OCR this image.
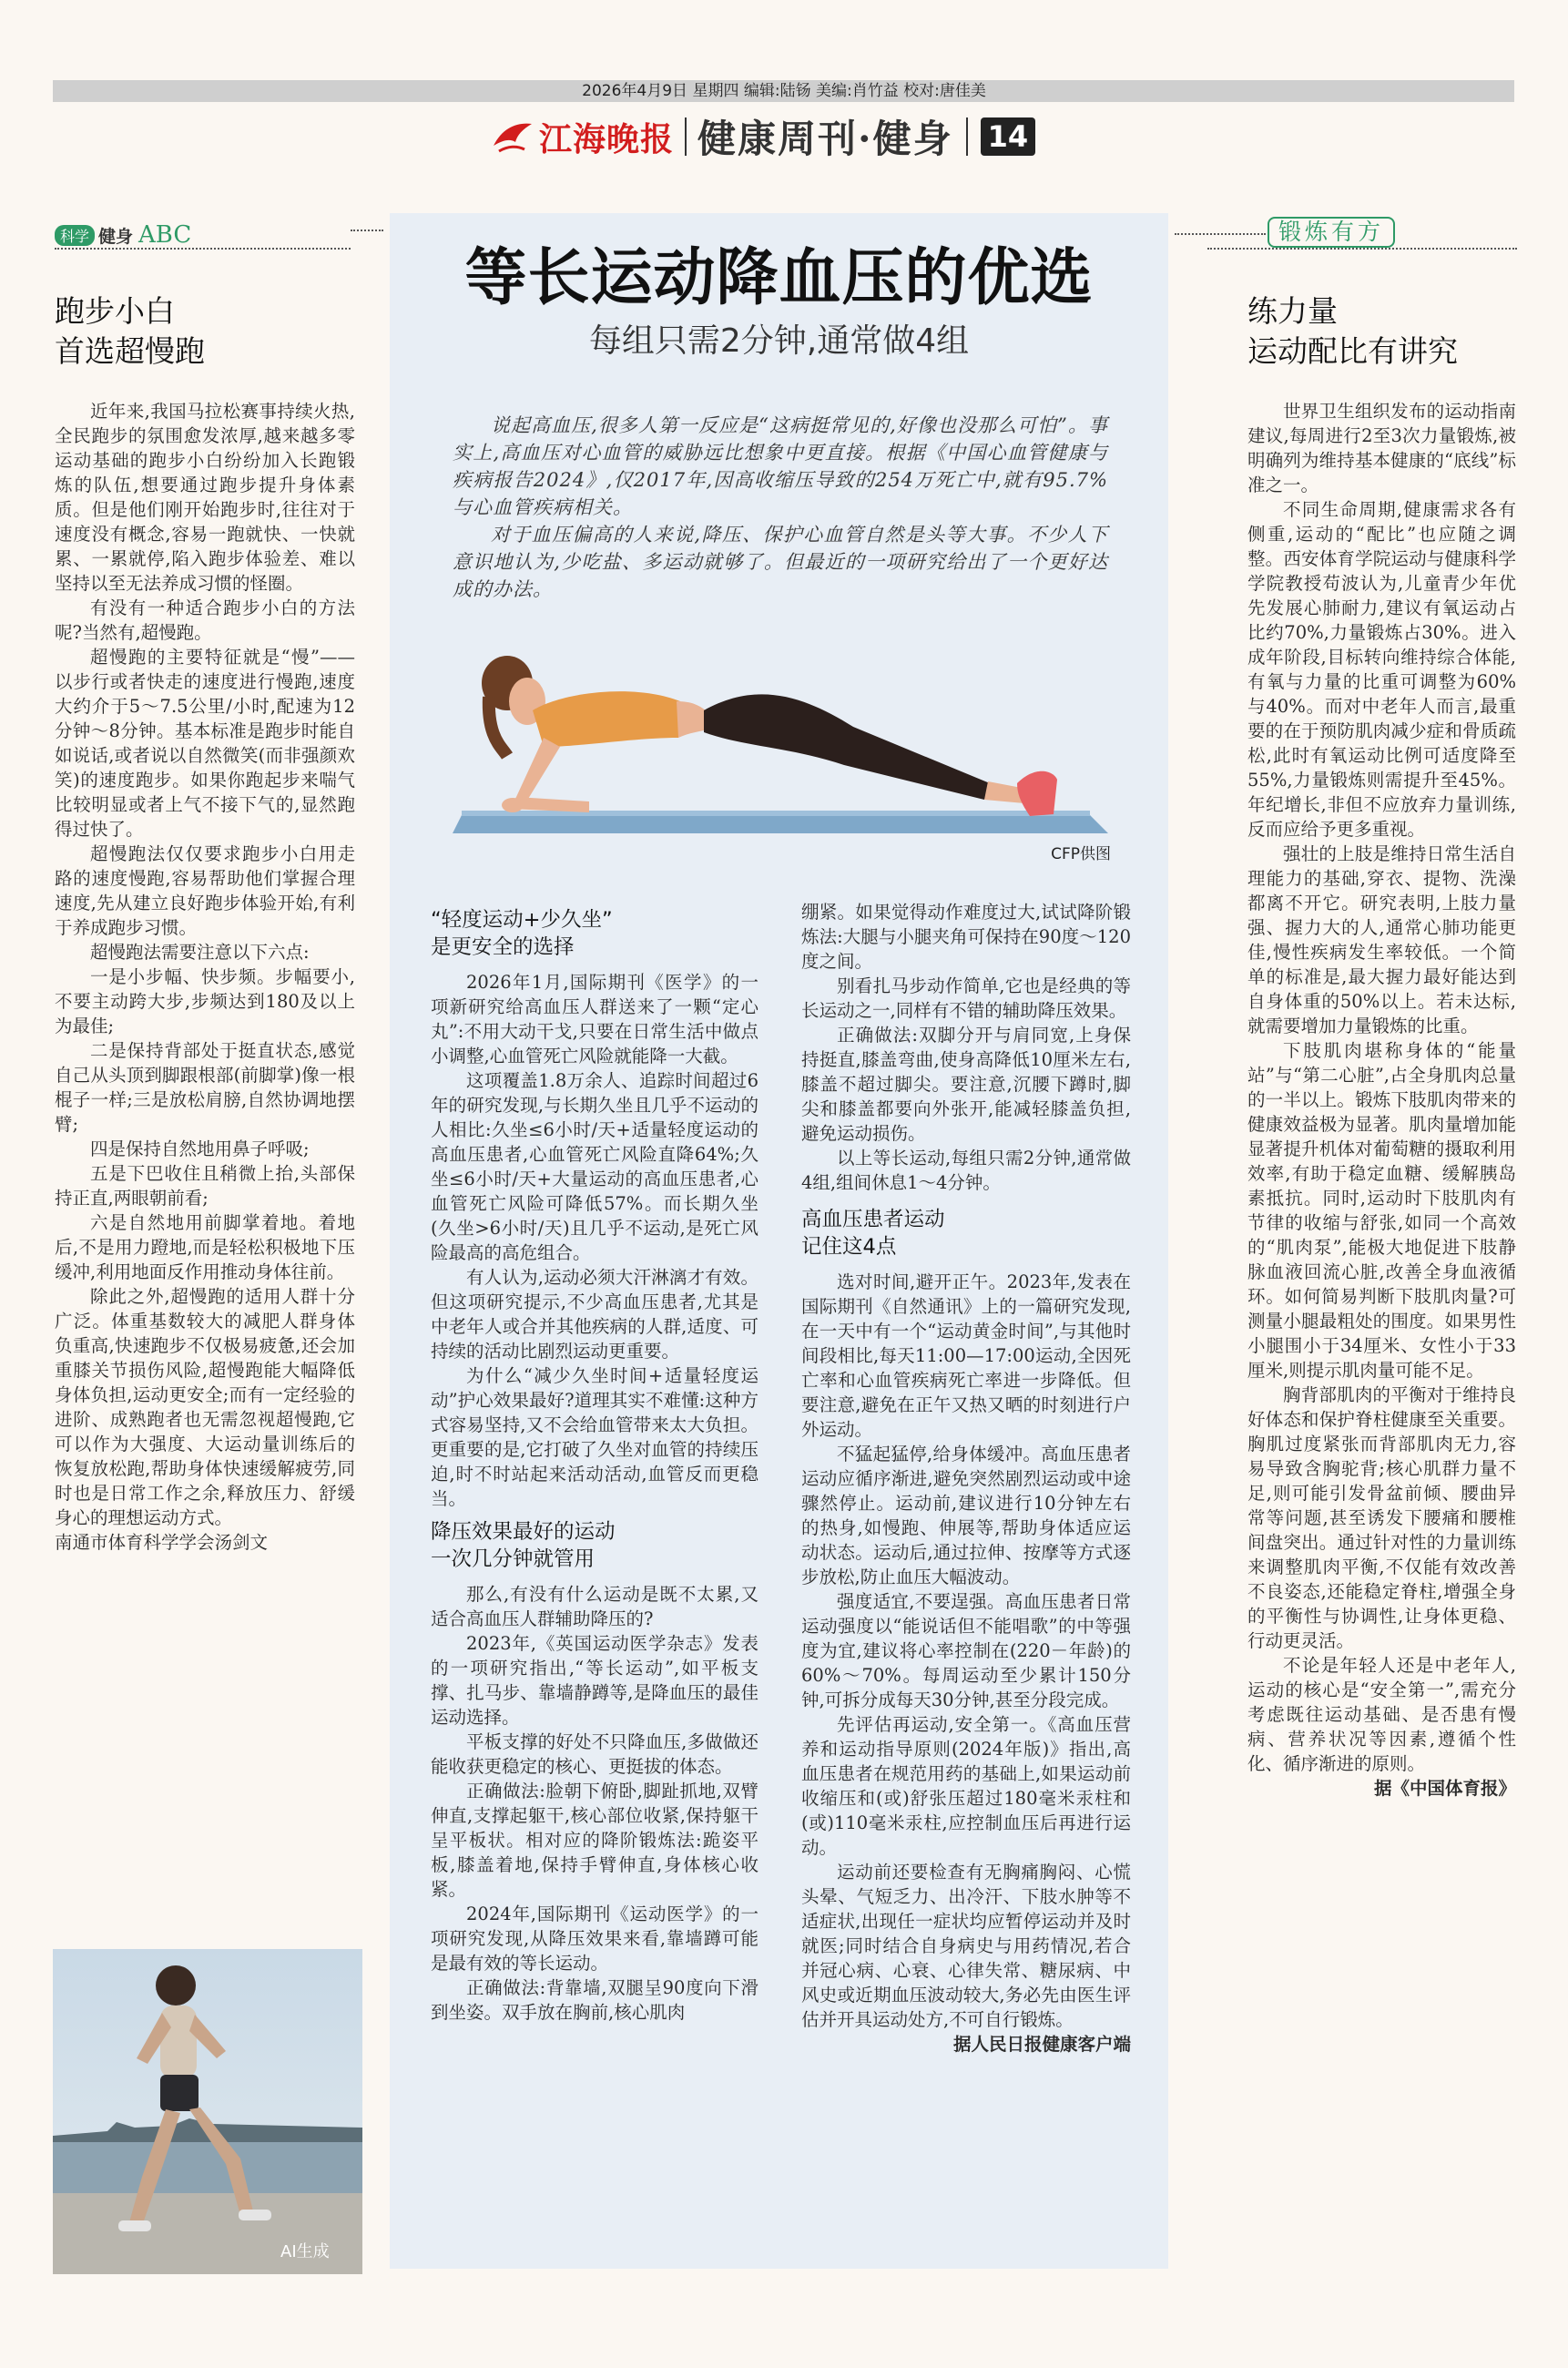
2026年4月9日 星期四 编辑:陆钖 美编:肖竹益 校对:唐佳美
江海晚报 健康周刊·健身 14
科学 健身 ABC
跑步小白
首选超慢跑

近年来,我国马拉松赛事持续火热,全民跑步的氛围愈发浓厚,越来越多零运动基础的跑步小白纷纷加入长跑锻炼的队伍,想要通过跑步提升身体素质。但是他们刚开始跑步时,往往对于速度没有概念,容易一跑就快、一快就累、一累就停,陷入跑步体验差、难以坚持以至无法养成习惯的怪圈。

有没有一种适合跑步小白的方法呢?当然有,超慢跑。

超慢跑的主要特征就是“慢”——以步行或者快走的速度进行慢跑,速度大约介于5～7.5公里/小时,配速为12分钟～8分钟。基本标准是跑步时能自如说话,或者说以自然微笑(而非强颜欢笑)的速度跑步。如果你跑起步来喘气比较明显或者上气不接下气的,显然跑得过快了。

超慢跑法仅仅要求跑步小白用走路的速度慢跑,容易帮助他们掌握合理速度,先从建立良好跑步体验开始,有利于养成跑步习惯。

超慢跑法需要注意以下六点:

一是小步幅、快步频。步幅要小,不要主动跨大步,步频达到180及以上为最佳;

二是保持背部处于挺直状态,感觉自己从头顶到脚跟根部(前脚掌)像一根棍子一样;三是放松肩膀,自然协调地摆臂;

四是保持自然地用鼻子呼吸;

五是下巴收住且稍微上抬,头部保持正直,两眼朝前看;

六是自然地用前脚掌着地。着地后,不是用力蹬地,而是轻松积极地下压缓冲,利用地面反作用推动身体往前。

除此之外,超慢跑的适用人群十分广泛。体重基数较大的减肥人群身体负重高,快速跑步不仅极易疲惫,还会加重膝关节损伤风险,超慢跑能大幅降低身体负担,运动更安全;而有一定经验的进阶、成熟跑者也无需忽视超慢跑,它可以作为大强度、大运动量训练后的恢复放松跑,帮助身体快速缓解疲劳,同时也是日常工作之余,释放压力、舒缓身心的理想运动方式。

南通市体育科学学会汤剑文

AI生成
等长运动降血压的优选
每组只需2分钟,通常做4组

说起高血压,很多人第一反应是“这病挺常见的,好像也没那么可怕”。事实上,高血压对心血管的威胁远比想象中更直接。根据《中国心血管健康与疾病报告2024》,仅2017年,因高收缩压导致的254万死亡中,就有95.7%与心血管疾病相关。

对于血压偏高的人来说,降压、保护心血管自然是头等大事。不少人下意识地认为,少吃盐、多运动就够了。但最近的一项研究给出了一个更好达成的办法。

CFP供图
“轻度运动+少久坐”
是更安全的选择

2026年1月,国际期刊《医学》的一项新研究给高血压人群送来了一颗“定心丸”:不用大动干戈,只要在日常生活中做点小调整,心血管死亡风险就能降一大截。

这项覆盖1.8万余人、追踪时间超过6年的研究发现,与长期久坐且几乎不运动的人相比:久坐≤6小时/天+适量轻度运动的高血压患者,心血管死亡风险直降64%;久坐≤6小时/天+大量运动的高血压患者,心血管死亡风险可降低57%。而长期久坐(久坐>6小时/天)且几乎不运动,是死亡风险最高的高危组合。

有人认为,运动必须大汗淋漓才有效。但这项研究提示,不少高血压患者,尤其是中老年人或合并其他疾病的人群,适度、可持续的活动比剧烈运动更重要。

为什么“减少久坐时间+适量轻度运动”护心效果最好?道理其实不难懂:这种方式容易坚持,又不会给血管带来太大负担。更重要的是,它打破了久坐对血管的持续压迫,时不时站起来活动活动,血管反而更稳当。

降压效果最好的运动
一次几分钟就管用

那么,有没有什么运动是既不太累,又适合高血压人群辅助降压的?

2023年,《英国运动医学杂志》发表的一项研究指出,“等长运动”,如平板支撑、扎马步、靠墙静蹲等,是降血压的最佳运动选择。

平板支撑的好处不只降血压,多做做还能收获更稳定的核心、更挺拔的体态。

正确做法:脸朝下俯卧,脚趾抓地,双臂伸直,支撑起躯干,核心部位收紧,保持躯干呈平板状。相对应的降阶锻炼法:跪姿平板,膝盖着地,保持手臂伸直,身体核心收紧。

2024年,国际期刊《运动医学》的一项研究发现,从降压效果来看,靠墙蹲可能是最有效的等长运动。

正确做法:背靠墙,双腿呈90度向下滑到坐姿。双手放在胸前,核心肌肉

绷紧。如果觉得动作难度过大,试试降阶锻炼法:大腿与小腿夹角可保持在90度～120度之间。

别看扎马步动作简单,它也是经典的等长运动之一,同样有不错的辅助降压效果。

正确做法:双脚分开与肩同宽,上身保持挺直,膝盖弯曲,使身高降低10厘米左右,膝盖不超过脚尖。要注意,沉腰下蹲时,脚尖和膝盖都要向外张开,能减轻膝盖负担,避免运动损伤。

以上等长运动,每组只需2分钟,通常做4组,组间休息1～4分钟。

高血压患者运动
记住这4点

选对时间,避开正午。2023年,发表在国际期刊《自然通讯》上的一篇研究发现,在一天中有一个“运动黄金时间”,与其他时间段相比,每天11:00—17:00运动,全因死亡率和心血管疾病死亡率进一步降低。但要注意,避免在正午又热又晒的时刻进行户外运动。

不猛起猛停,给身体缓冲。高血压患者运动应循序渐进,避免突然剧烈运动或中途骤然停止。运动前,建议进行10分钟左右的热身,如慢跑、伸展等,帮助身体适应运动状态。运动后,通过拉伸、按摩等方式逐步放松,防止血压大幅波动。

强度适宜,不要逞强。高血压患者日常运动强度以“能说话但不能唱歌”的中等强度为宜,建议将心率控制在(220－年龄)的60%～70%。每周运动至少累计150分钟,可拆分成每天30分钟,甚至分段完成。

先评估再运动,安全第一。《高血压营养和运动指导原则(2024年版)》指出,高血压患者在规范用药的基础上,如果运动前收缩压和(或)舒张压超过180毫米汞柱和(或)110毫米汞柱,应控制血压后再进行运动。

运动前还要检查有无胸痛胸闷、心慌头晕、气短乏力、出冷汗、下肢水肿等不适症状,出现任一症状均应暂停运动并及时就医;同时结合自身病史与用药情况,若合并冠心病、心衰、心律失常、糖尿病、中风史或近期血压波动较大,务必先由医生评估并开具运动处方,不可自行锻炼。

据人民日报健康客户端

锻炼有方
练力量
运动配比有讲究

世界卫生组织发布的运动指南建议,每周进行2至3次力量锻炼,被明确列为维持基本健康的“底线”标准之一。

不同生命周期,健康需求各有侧重,运动的“配比”也应随之调整。西安体育学院运动与健康科学学院教授苟波认为,儿童青少年优先发展心肺耐力,建议有氧运动占比约70%,力量锻炼占30%。进入成年阶段,目标转向维持综合体能,有氧与力量的比重可调整为60%与40%。而对中老年人而言,最重要的在于预防肌肉减少症和骨质疏松,此时有氧运动比例可适度降至55%,力量锻炼则需提升至45%。年纪增长,非但不应放弃力量训练,反而应给予更多重视。

强壮的上肢是维持日常生活自理能力的基础,穿衣、提物、洗澡都离不开它。研究表明,上肢力量强、握力大的人,通常心肺功能更佳,慢性疾病发生率较低。一个简单的标准是,最大握力最好能达到自身体重的50%以上。若未达标,就需要增加力量锻炼的比重。

下肢肌肉堪称身体的“能量站”与“第二心脏”,占全身肌肉总量的一半以上。锻炼下肢肌肉带来的健康效益极为显著。肌肉量增加能显著提升机体对葡萄糖的摄取利用效率,有助于稳定血糖、缓解胰岛素抵抗。同时,运动时下肢肌肉有节律的收缩与舒张,如同一个高效的“肌肉泵”,能极大地促进下肢静脉血液回流心脏,改善全身血液循环。如何简易判断下肢肌肉量?可测量小腿最粗处的围度。如果男性小腿围小于34厘米、女性小于33厘米,则提示肌肉量可能不足。

胸背部肌肉的平衡对于维持良好体态和保护脊柱健康至关重要。胸肌过度紧张而背部肌肉无力,容易导致含胸驼背;核心肌群力量不足,则可能引发骨盆前倾、腰曲异常等问题,甚至诱发下腰痛和腰椎间盘突出。通过针对性的力量训练来调整肌肉平衡,不仅能有效改善不良姿态,还能稳定脊柱,增强全身的平衡性与协调性,让身体更稳、行动更灵活。

不论是年轻人还是中老年人,运动的核心是“安全第一”,需充分考虑既往运动基础、是否患有慢病、营养状况等因素,遵循个性化、循序渐进的原则。

据《中国体育报》
